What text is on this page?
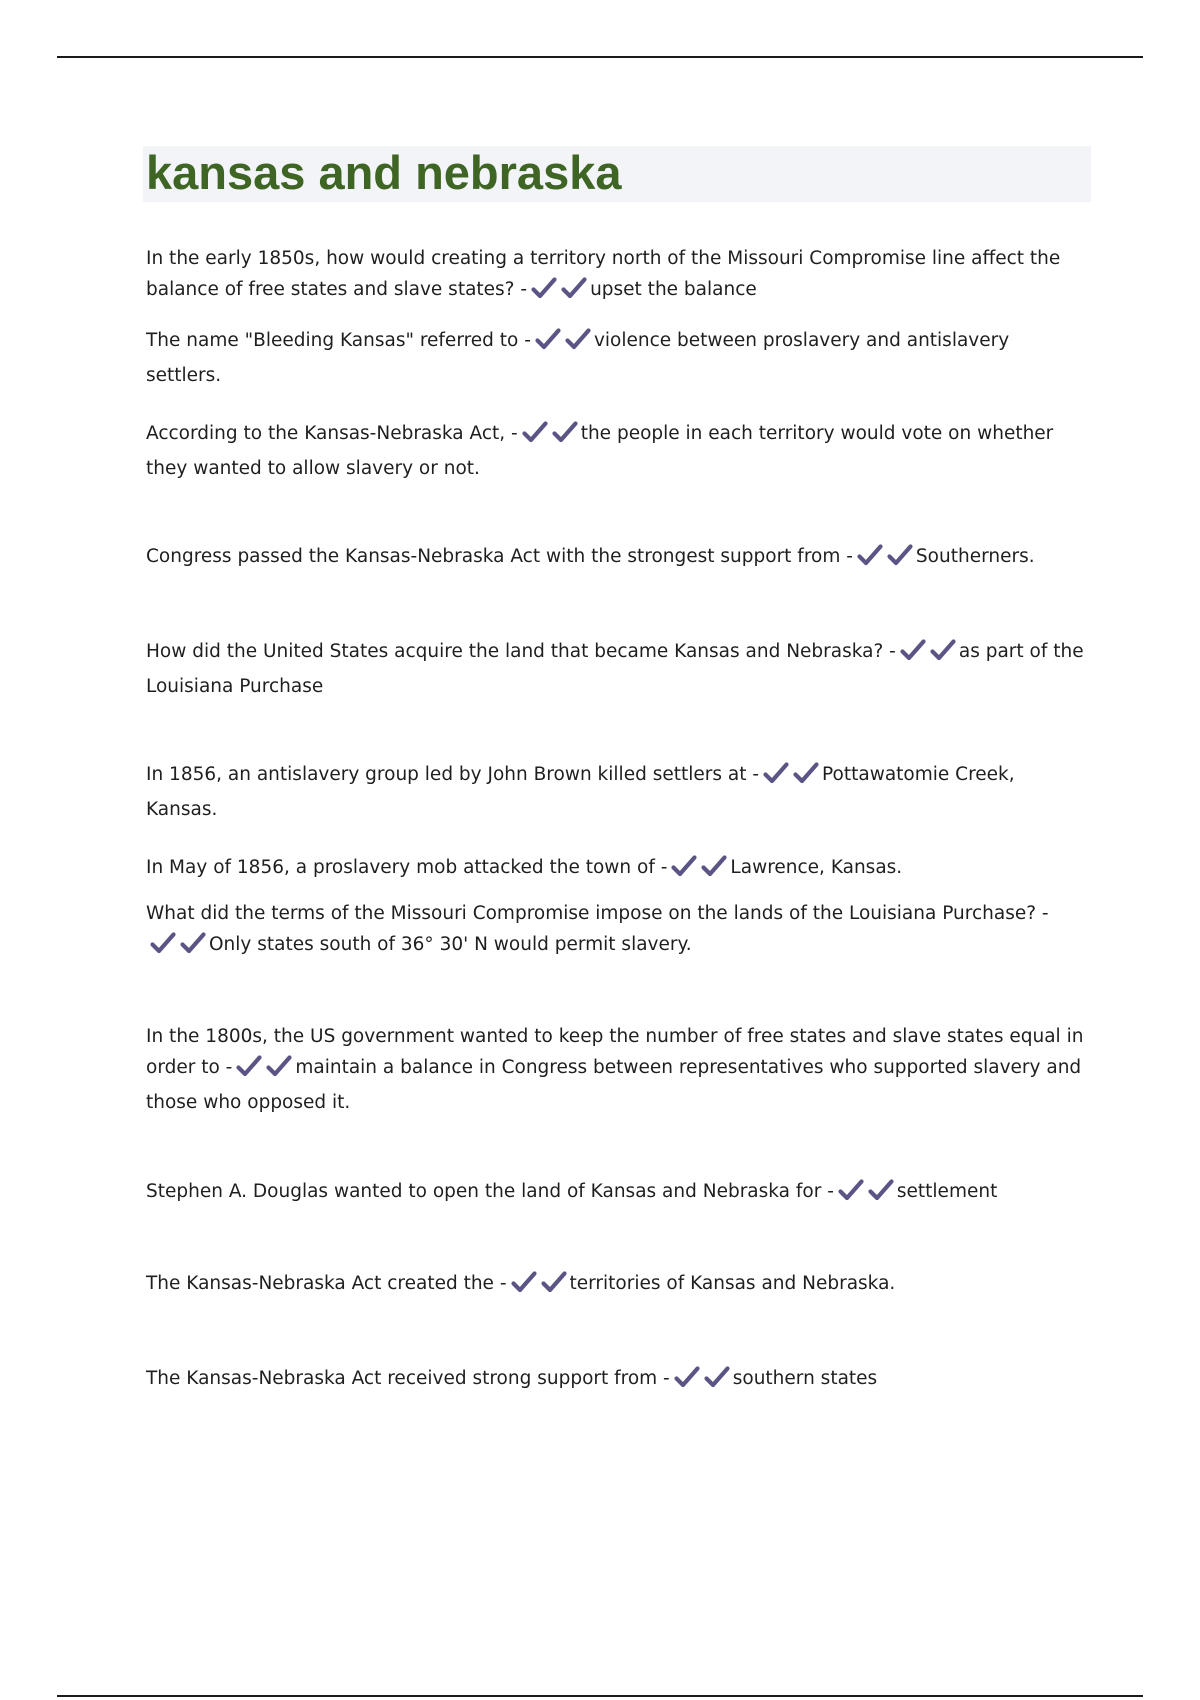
kansas and nebraska

In the early 1850s, how would creating a territory north of the Missouri Compromise line affect the balance of free states and slave states? -	upset the balance

The name "Bleeding Kansas" referred to -	violence between proslavery and antislavery settlers.

According to the Kansas-Nebraska Act, -	the people in each territory would vote on whether they wanted to allow slavery or not.

Congress passed the Kansas-Nebraska Act with the strongest support from -	Southerners.

How did the United States acquire the land that became Kansas and Nebraska? -	as part of the Louisiana Purchase

In 1856, an antislavery group led by John Brown killed settlers at -	Pottawatomie Creek, Kansas.

In May of 1856, a proslavery mob attacked the town of -	Lawrence, Kansas.

What did the terms of the Missouri Compromise impose on the lands of the Louisiana Purchase? -
Only states south of 36° 30' N would permit slavery.

In the 1800s, the US government wanted to keep the number of free states and slave states equal in order to -	maintain a balance in Congress between representatives who supported slavery and those who opposed it.

Stephen A. Douglas wanted to open the land of Kansas and Nebraska for -	settlement

The Kansas-Nebraska Act created the -	territories of Kansas and Nebraska.

The Kansas-Nebraska Act received strong support from -	southern states
